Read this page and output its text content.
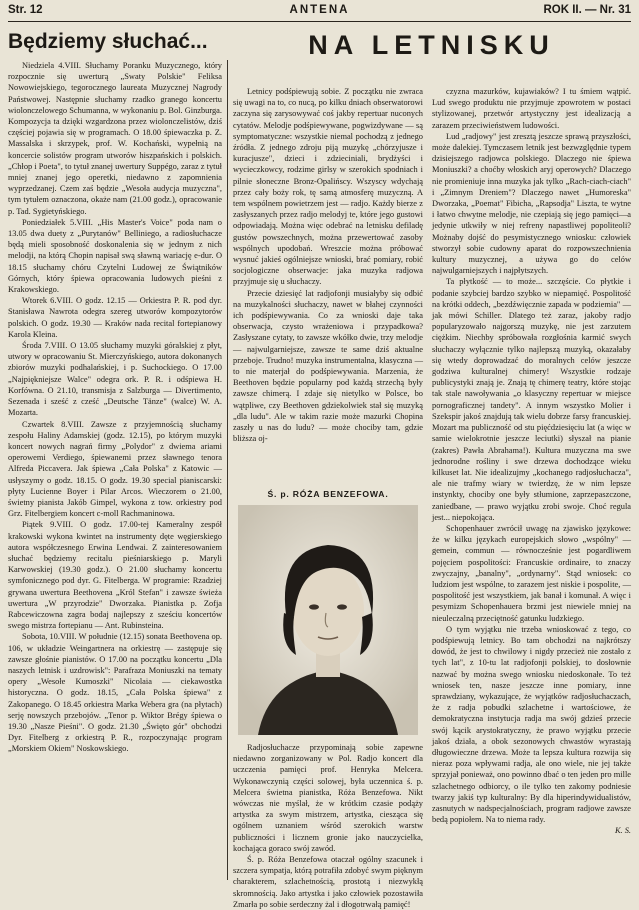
Str. 12	ANTENA	ROK II. — Nr. 31
Będziemy słuchać...	NA LETNISKU

Niedziela 4.VIII. Słuchamy Poranku Muzycznego, który rozpocznie się uwerturą „Swaty Polskie" Feliksa Nowowiejskiego, tegorocznego laureata Muzycznej Nagrody Państwowej. Następnie słuchamy rzadko granego koncertu wiolonczelowego Schumanna, w wykonaniu p. Bol. Ginzburga. Kompozycja ta dzięki wzgardzona przez wiolonczelistów, dziś częściej pojawia się w programach. O 18.00 śpiewaczka p. Z. Massalska i skrzypek, prof. W. Kochański, wypełnią na koncercie solistów program utworów hiszpańskich i polskich. „Chłop i Poeta", to tytuł znanej uwertury Suppégo, zaraz z tytuł mniej znanej jego operetki, niedawno z zapomnienia wyprzedzanej. Czem zaś będzie „Wesoła audycja muzyczna", tym tytułem oznaczona, okaże nam (21.00 godz.), opracowanie p. Tad. Sygietyńskiego.

Poniedziałek 5.VIII. „His Master's Voice" poda nam o 13.05 dwa duety z „Purytanów" Belliniego, a radiosłuchacze będą mieli sposobność doskonalenia się w jednym z nich melodji, na którą Chopin napisał swą sławną wariację e-dur. O 18.15 słuchamy chóru Czytelni Ludowej ze Świątników Górnych, który śpiewa opracowania ludowych pieśni z Krakowskiego.

Wtorek 6.VIII. O godz. 12.15 — Orkiestra P. R. pod dyr. Stanisława Nawrota odegra szereg utworów kompozytorów polskich. O godz. 19.30 — Kraków nada recital fortepianowy Karola Kleina.

Środa 7.VIII. O 13.05 słuchamy muzyki góralskiej z płyt, utwory w opracowaniu St. Mierczyńskiego, autora dokonanych zbiorów muzyki podhalańskiej, i p. Suchockiego. O 17.00 „Najpiękniejsze Walce" odegra ork. P. R. i odśpiewa H. Korfówna. O 21.10, transmisja z Salzburga — Divertimento, Sezenada i sześć z cześć „Deutsche Tänze" (walce) W. A. Mozarta.

Czwartek 8.VIII. Zawsze z przyjemnością słuchamy zespołu Haliny Adamskiej (godz. 12.15), po którym muzyki koncert nowych nagrań firmy „Polydor" z dwiema ariami operowemi Verdiego, śpiewanemi przez sławnego tenora Alfreda Piccavera. Jak śpiewa „Cała Polska" z Katowic — usłyszymy o godz. 18.15. O godz. 19.30 special pianiscarski: płyty Lucienne Boyer i Pilar Arcos. Wieczorem o 21.00, świetny pianista Jakób Gimpel, wykona z tow. orkiestry pod Grz. Fitelbergiem koncert c-moll Rachmaninowa.

Piątek 9.VIII. O godz. 17.00-tej Kameralny zespół krakowski wykona kwintet na instrumenty dęte węgierskiego autora współczesnego Erwina Lendwai. Z zainteresowaniem słuchać będziemy recitalu pieśniarskiego p. Maryli Karwowskiej (19.30 godz.). O 21.00 słuchamy koncertu symfonicznego pod dyr. G. Fitelberga. W programie: Rzadziej grywana uwertura Beethovena „Król Stefan" i zawsze świeża uwertura „W przyrodzie" Dworzaka. Pianistka p. Zofja Rabcewiczowna zagra bodaj najlepszy z sześciu koncertów swego mistrza fortepianu — Ant. Rubinsteina.

Sobota, 10.VIII. W południe (12.15) sonata Beethovena op. 106, w układzie Weingartnera na orkiestrę — zastępuje się zawsze głośnie pianistów. O 17.00 na początku koncertu „Dla naszych letnisk i uzdrowisk": Parafraza Moniuszki na tematy opery „Wesołe Kumoszki" Nicolaia — ciekawostka historyczna. O godz. 18.15, „Cała Polska śpiewa" z Zakopanego. O 18.45 orkiestra Marka Webera gra (na płytach) serję nowszych przebojów. „Tenor p. Wiktor Brégy śpiewa o 19.30 „Nasze Pieśni". O godz. 21.30 „Święto gór" obchodzi Dyr. Fitelberg z orkiestrą P. R., rozpoczynając program „Morskiem Okiem" Noskowskiego.

Letnicy podśpiewują sobie. Z początku nie zwraca się uwagi na to, co nucą, po kilku dniach obserwatorowi zaczyna się zarysowywać coś jakby repertuar nuconych cytatów. Melodje podśpiewywane, pogwizdywane — są symptomatyczne: wszystkie niemal pochodzą z jednego źródła. Z jednego zdroju piją muzykę „chórzyjusze i kuracjusze", dzieci i zdzieciniali, brydżyści i wycieczkowcy, rodzime girlsy w szerokich spodniach i pilnie słoneczne Bronz-Opalińscy. Wszyscy wdychają przez cały boży rok, tę samą atmosferę muzyczną. A tem wspólnem powietrzem jest — radjo. Każdy bierze z zasłyszanych przez radjo melodyj te, które jego gustowi odpowiadają. Można więc odebrać na letnisku defiladę gustów powszechnych, można przewertować zasoby wspólnych upodobań. Wreszcie można próbować wysnuć jakieś ogólniejsze wnioski, brać pomiary, robić socjologiczne obserwacje: jaka muzyka radjowa przyjmuje się u słuchaczy.

Przecie dziesięć lat radjofonji musiałyby się odbić na muzykalności słuchaczy, nawet w błahej czynności ich podśpiewywania. Co za wnioski daje taka obserwacja, czysto wrażeniowa i przypadkowa? Zasłyszane cytaty, to zawsze wkółko dwie, trzy melodje — najwulgarniejsze, zawsze te same dziś aktualne przeboje. Trudno! muzyka instrumentalna, klasyczna — to nie materjał do podśpiewywania. Marzenia, że Beethoven będzie popularny pod każdą strzechą były zawsze chimerą. I zdaje się nietylko w Polsce, bo wątpliwe, czy Beethoven gdziekolwiek stał się muzyką „dla ludu". Ale w takim razie może mazurki Chopina zaszły u nas do ludu? — może chociby tam, gdzie bliższa oj-

Ś. p. RÓŻA BENZEFOWA.

Radjosłuchacze przypominają sobie zapewne niedawno zorganizowany w Pol. Radjo koncert dla uczczenia pamięci prof. Henryka Melcera. Wykonawczynią części solowej, była uczennica ś. p. Melcera świetna pianistka, Róża Benzefowa. Nikt wówczas nie myślał, że w krótkim czasie podąży artystka za swym mistrzem, artystka, ciesząca się ogólnem uznaniem wśród szerokich warstw publiczności i licznem gronie jako nauczycielka, kochająca goraco swój zawód.

Ś. p. Róża Benzefowa otaczał ogólny szacunek i szczera sympatja, którą potrafiła zdobyć swym pięknym charakterem, szlachetnością, prostotą i niezwykłą skromnością. Jako artystka i jako człowiek pozostawiła Zmarła po sobie serdeczny żal i dłogotrwałą pamięć!

czyzna mazurków, kujawiaków? I tu śmiem wątpić. Lud swego produktu nie przyjmuje zpowrotem w postaci stylizowanej, przetwór artystyczny jest idealizacją a zarazem przeciwieństwem ludowości.

Lud „radjowy" jest zresztą jeszcze sprawą przyszłości, może dalekiej. Tymczasem letnik jest bezwzględnie typem dzisiejszego radjowca polskiego. Dlaczego nie śpiewa Moniuszki? a choćby włoskich aryj operowych? Dlaczego nie promieniuje inna muzyka jak tylko „Rach-ciach-ciach" i „Zimnym Dreniem"? Dlaczego nawet „Humoreska" Dworzaka, „Poemat" Fibicha, „Rapsodja" Liszta, te wytne i łatwo chwytne melodje, nie czepiają się jego pamięci—a jedynie utkwiły w niej refreny napastliwej popoliteoli? Możnaby dojść do pesymistycznego wniosku: człowiek stworzył sobie cudowny aparat do rozpowszechnienia kultury muzycznej, a używa go do celów najwulgarniejszych i najpłytszych.

Ta płytkość — to może... szczęście. Co płytkie i podanie szybciej bardzo szybko w niepamięć. Pospolitość na krótki oddech, „bezdźwięcznie zapada w podziemia" — jak mówi Schiller. Dlatego też zaraz, jakoby radjo popularyzowało najgorszą muzykę, nie jest zarzutem ciężkim. Niechby spróbowała rozgłośnia karmić swych słuchaczy wyłącznie tylko najlepszą muzyką, okazałaby się wtedy doprowadzać do moralnych celów jeszcze godziwa kulturalnej chimery! Wszystkie rodzaje publicystyki znają je. Znają tę chimerę teatry, które stojąc tak stale nawoływania „o klasyczny repertuar w miejsce pornograficznej tandety". A innym wszystko Molier i Szekspir jakoś znajdują tak wielu dobrze farsy francuskiej. Mozart ma publiczność od stu pięćdziesięciu lat (a więc w samie wielokrotnie jeszcze leciutki) słyszał na pianie (zakres) Pawła Abrahama!). Kultura muzyczna ma swe jednorodne rośliny i swe drzewa dochodzące wieku kilkuset lat. Nie idealizujmy „kochanego radjosłuchacza", ale nie trafmy wiary w twierdzę, że w nim lepsze instynkty, chociby one były stłumione, zaprzepaszczone, zaniedbane, — prawo wyjątku zrobi swoje. Choć regula jest... niepokojąca.

Schopenhauer zwrócił uwagę na zjawisko językowe: że w kilku językach europejskich słowo „wspólny" — gemein, commun — równocześnie jest pogardliwem pojęciem pospolitości: Francuskie ordinaire, to znaczy zwyczajny, „banalny", „ordynarny". Stąd wniosek: co ludziom jest wspólne, to zarazem jest niskie i pospolite, — pospolitość jest wszystkiem, jak banał i komunał. A więc i pesymizm Schopenhauera brzmi jest niewiele mniej na nieuleczalną przeciętność gatunku ludzkiego.

O tym wyjątku nie trzeba wnioskować z tego, co podśpiewują letnicy. Bo tam obchodzi na najkrótszy dowód, że jest to chwilowy i nigdy przecież nie zostało z tych lat", z 10-tu lat radjofonji polskiej, to dosłownie nazwać by można swego wniosku niedoskonałe. To też wniosek ten, nasze jeszcze inne pomiary, inne sprawdziany, wykazujące, że wyjątków radjosłuchaczach, że z radja pobudki szlachetne i wartościowe, że demokratyczna instytucja radja ma swój gdzieś przecie swój kącik arystokratyczny, że prawo wyjątku przecie jakoś działa, a obok sezonowych chwastów wyrastają długowieczne drzewa. Może ta lepsza kultura rozwija się nieraz poza wpływami radja, ale ono wiele, nie jej także sprzyjał ponieważ, ono powinno dbać o ten jeden pro mille szlachetnego odbiorcy, o ile tylko ten zakomy podniesie twarzy jakiś typ kulturalny: By dla hiperindywidualistów, zasnutych w nadspecjalnościach, program radjowe zawsze bedą popiołem. Na to niema rady.

K. S.
